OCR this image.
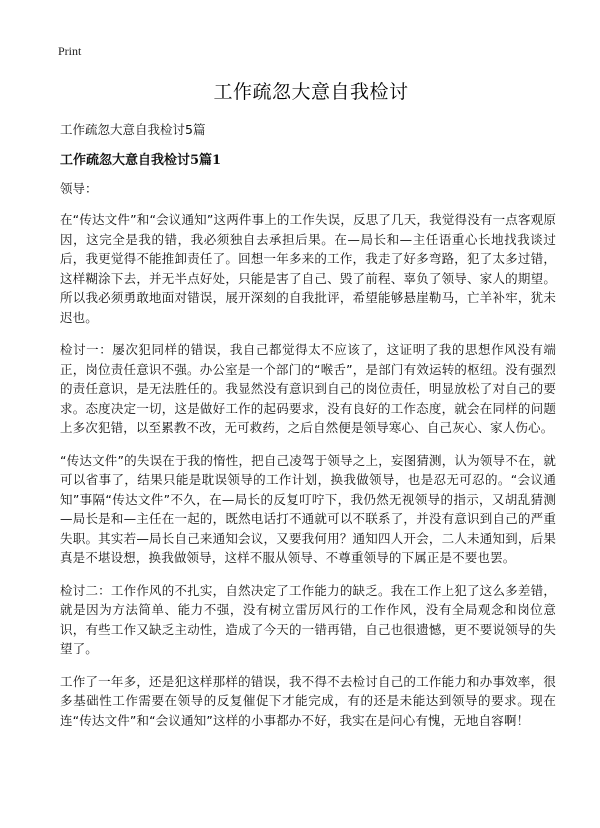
Print
工作疏忽大意自我检讨
工作疏忽大意自我检讨5篇
工作疏忽大意自我检讨5篇1
领导：
在“传达文件”和“会议通知”这两件事上的工作失误，反思了几天，我觉得没有一点客观原因，这完全是我的错，我必须独自去承担后果。在—局长和—主任语重心长地找我谈过后，我更觉得不能推卸责任了。回想一年多来的工作，我走了好多弯路，犯了太多过错，这样糊涂下去，并无半点好处，只能是害了自己、毁了前程、辜负了领导、家人的期望。所以我必须勇敢地面对错误，展开深刻的自我批评，希望能够悬崖勒马，亡羊补牢，犹未迟也。
检讨一：屡次犯同样的错误，我自己都觉得太不应该了，这证明了我的思想作风没有端正，岗位责任意识不强。办公室是一个部门的“喉舌”，是部门有效运转的枢纽。没有强烈的责任意识，是无法胜任的。我显然没有意识到自己的岗位责任，明显放松了对自己的要求。态度决定一切，这是做好工作的起码要求，没有良好的工作态度，就会在同样的问题上多次犯错，以至累教不改，无可救药，之后自然便是领导寒心、自己灰心、家人伤心。
“传达文件”的失误在于我的惰性，把自己凌驾于领导之上，妄图猜测，认为领导不在，就可以省事了，结果只能是耽误领导的工作计划，换我做领导，也是忍无可忍的。“会议通知”事隔“传达文件”不久，在—局长的反复叮咛下，我仍然无视领导的指示，又胡乱猜测—局长是和—主任在一起的，既然电话打不通就可以不联系了，并没有意识到自己的严重失职。其实若—局长自己来通知会议，又要我何用？通知四人开会，二人未通知到，后果真是不堪设想，换我做领导，这样不服从领导、不尊重领导的下属正是不要也罢。
检讨二：工作作风的不扎实，自然决定了工作能力的缺乏。我在工作上犯了这么多差错，就是因为方法简单、能力不强，没有树立雷厉风行的工作作风，没有全局观念和岗位意识，有些工作又缺乏主动性，造成了今天的一错再错，自己也很遗憾，更不要说领导的失望了。
工作了一年多，还是犯这样那样的错误，我不得不去检讨自己的工作能力和办事效率，很多基础性工作需要在领导的反复催促下才能完成，有的还是未能达到领导的要求。现在连“传达文件”和“会议通知”这样的小事都办不好，我实在是问心有愧，无地自容啊！
